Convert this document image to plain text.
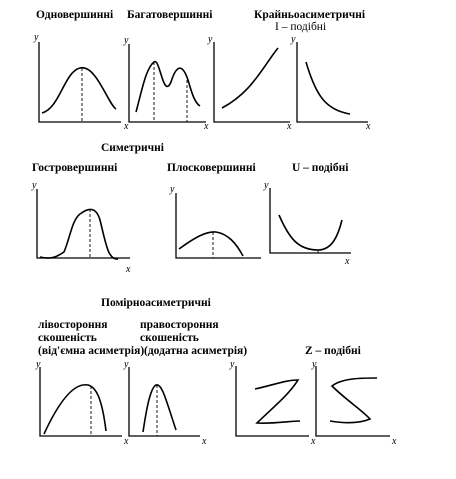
Одновершинні Багатовершинні	Крайньоасиметричні
I – подібні
Симетричні
Гостровершинні	Плосковершинні	U – подібні
Помірноасиметричні
лівостороння
скошеність
(від'ємна асиметрія)
правостороння
скошеність
(додатна асиметрія)	Z – подібні
y	y
x
y
x
y
x	x
y
x
y	y
x
y	y
x	x
y	y
x	x
